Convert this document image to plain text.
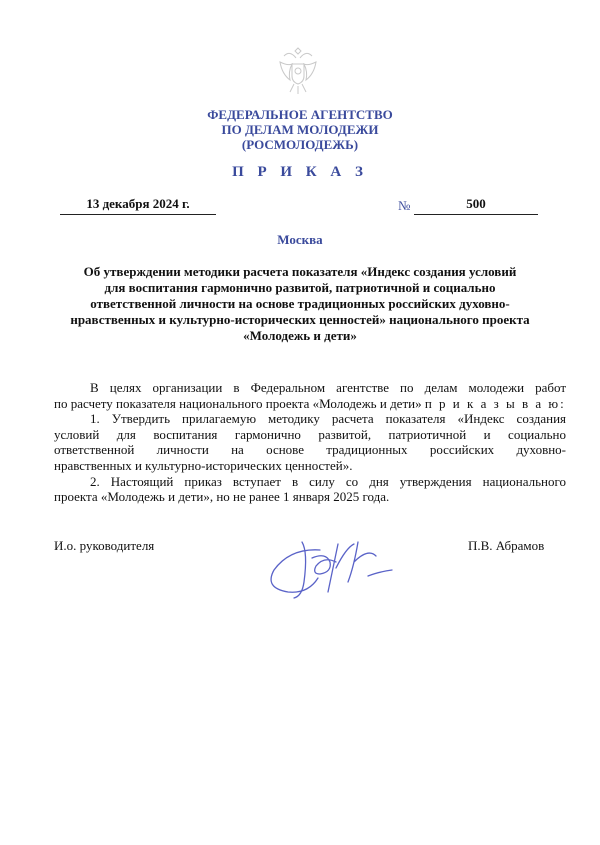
ФЕДЕРАЛЬНОЕ АГЕНТСТВО
ПО ДЕЛАМ МОЛОДЕЖИ
(РОСМОЛОДЕЖЬ)
П Р И К А З
13 декабря 2024 г.	№	500
Москва
Об утверждении методики расчета показателя «Индекс создания условий
для воспитания гармонично развитой, патриотичной и социально
ответственной личности на основе традиционных российских духовно-
нравственных и культурно-исторических ценностей» национального проекта
«Молодежь и дети»
В целях организации в Федеральном агентстве по делам молодежи работ
по расчету показателя национального проекта «Молодежь и дети» п р и к а з ы в а ю:
1. Утвердить прилагаемую методику расчета показателя «Индекс создания
условий для воспитания гармонично развитой, патриотичной и социально
ответственной личности на основе традиционных российских духовно-
нравственных и культурно-исторических ценностей».
2. Настоящий приказ вступает в силу со дня утверждения национального
проекта «Молодежь и дети», но не ранее 1 января 2025 года.
И.о. руководителя	П.В. Абрамов
